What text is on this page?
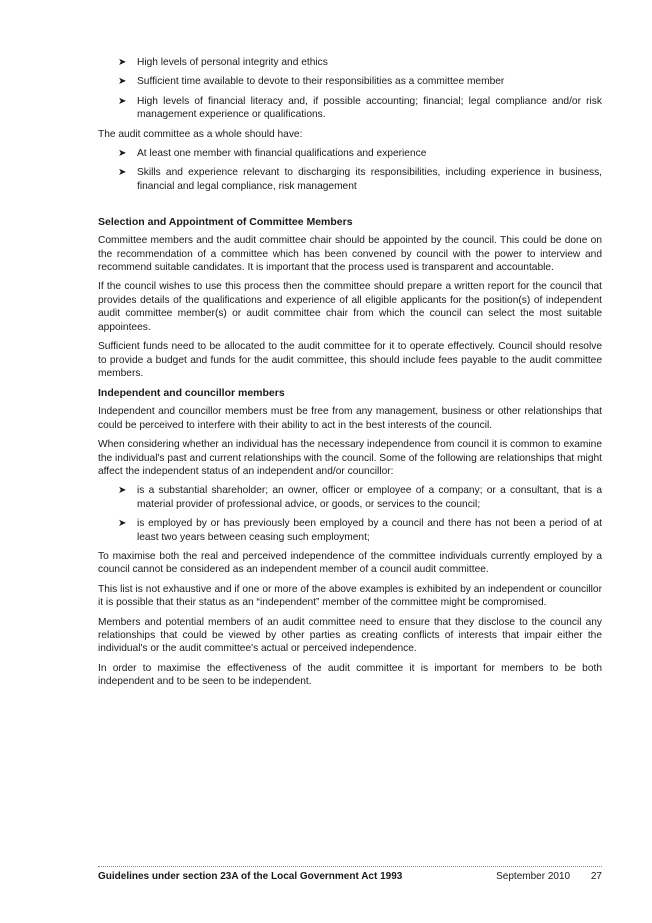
➤ High levels of personal integrity and ethics
➤ Sufficient time available to devote to their responsibilities as a committee member
➤ High levels of financial literacy and, if possible accounting; financial; legal compliance and/or risk management experience or qualifications.

The audit committee as a whole should have:

➤ At least one member with financial qualifications and experience
➤ Skills and experience relevant to discharging its responsibilities, including experience in business, financial and legal compliance, risk management
Selection and Appointment of Committee Members

Committee members and the audit committee chair should be appointed by the council. This could be done on the recommendation of a committee which has been convened by council with the power to interview and recommend suitable candidates. It is important that the process used is transparent and accountable.

If the council wishes to use this process then the committee should prepare a written report for the council that provides details of the qualifications and experience of all eligible applicants for the position(s) of independent audit committee member(s) or audit committee chair from which the council can select the most suitable appointees.

Sufficient funds need to be allocated to the audit committee for it to operate effectively. Council should resolve to provide a budget and funds for the audit committee, this should include fees payable to the audit committee members.

Independent and councillor members

Independent and councillor members must be free from any management, business or other relationships that could be perceived to interfere with their ability to act in the best interests of the council.

When considering whether an individual has the necessary independence from council it is common to examine the individual's past and current relationships with the council. Some of the following are relationships that might affect the independent status of an independent and/or councillor:

➤ is a substantial shareholder; an owner, officer or employee of a company; or a consultant, that is a material provider of professional advice, or goods, or services to the council;
➤ is employed by or has previously been employed by a council and there has not been a period of at least two years between ceasing such employment;

To maximise both the real and perceived independence of the committee individuals currently employed by a council cannot be considered as an independent member of a council audit committee.

This list is not exhaustive and if one or more of the above examples is exhibited by an independent or councillor it is possible that their status as an “independent” member of the committee might be compromised.

Members and potential members of an audit committee need to ensure that they disclose to the council any relationships that could be viewed by other parties as creating conflicts of interests that impair either the individual's or the audit committee's actual or perceived independence.

In order to maximise the effectiveness of the audit committee it is important for members to be both independent and to be seen to be independent.

Guidelines under section 23A of the Local Government Act 1993	September 2010 27
